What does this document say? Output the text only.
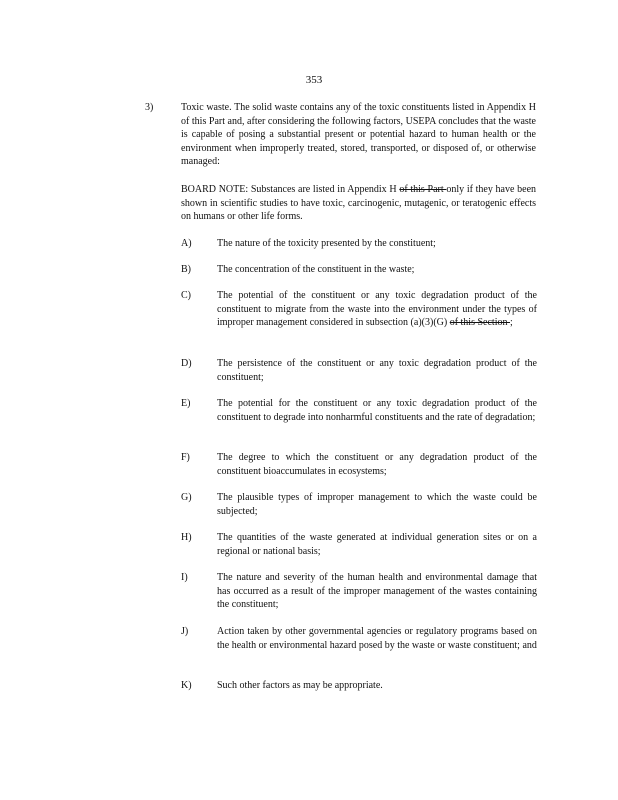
353
3)	Toxic waste. The solid waste contains any of the toxic constituents listed in Appendix H of this Part and, after considering the following factors, USEPA concludes that the waste is capable of posing a substantial present or potential hazard to human health or the environment when improperly treated, stored, transported, or disposed of, or otherwise managed:

BOARD NOTE: Substances are listed in Appendix H of this Part only if they have been shown in scientific studies to have toxic, carcinogenic, mutagenic, or teratogenic effects on humans or other life forms.
A)	The nature of the toxicity presented by the constituent;
B)	The concentration of the constituent in the waste;
C)	The potential of the constituent or any toxic degradation product of the constituent to migrate from the waste into the environment under the types of improper management considered in subsection (a)(3)(G) of this Section ;
D)	The persistence of the constituent or any toxic degradation product of the constituent;
E)	The potential for the constituent or any toxic degradation product of the constituent to degrade into nonharmful constituents and the rate of degradation;
F)	The degree to which the constituent or any degradation product of the constituent bioaccumulates in ecosystems;
G)	The plausible types of improper management to which the waste could be subjected;
H)	The quantities of the waste generated at individual generation sites or on a regional or national basis;
I)	The nature and severity of the human health and environmental damage that has occurred as a result of the improper management of the wastes containing the constituent;
J)	Action taken by other governmental agencies or regulatory programs based on the health or environmental hazard posed by the waste or waste constituent; and
K)	Such other factors as may be appropriate.
